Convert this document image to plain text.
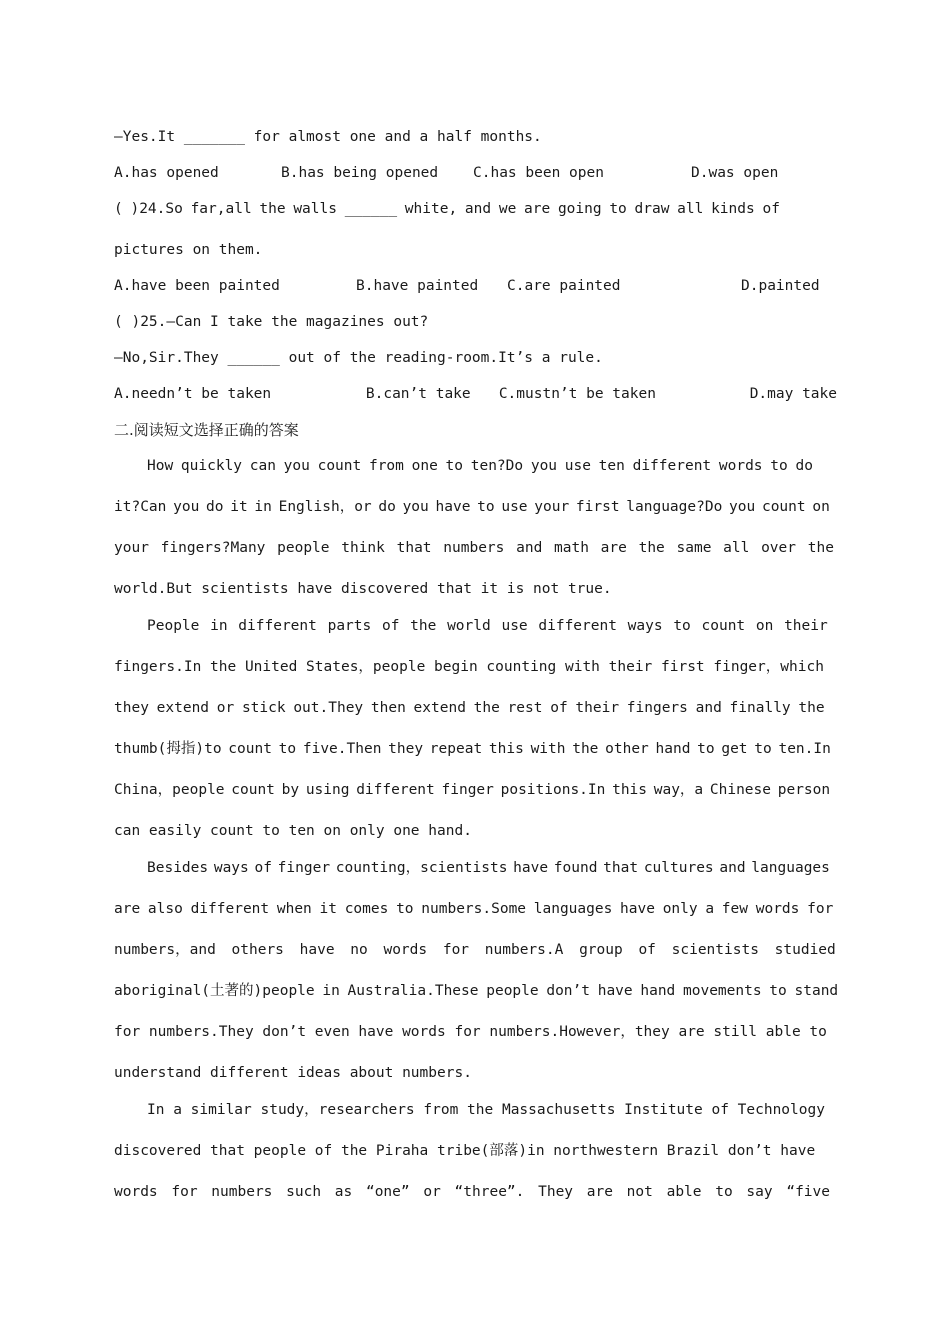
—Yes.It _______ for almost one and a half months.
A.has opened	B.has being opened	C.has been open	D.was open
( )24.So far,all the walls ______ white, and we are going to draw all kinds of
pictures on them.
A.have been painted	B.have painted	C.are painted	D.painted
( )25.—Can I take the magazines out?
—No,Sir.They ______ out of the reading-room.It’s a rule.
A.needn’t be taken	B.can’t take	C.mustn’t be taken	D.may take
二.阅读短文选择正确的答案
How quickly can you count from one to ten?Do you use ten different words to do
it?Can you do it in English，or do you have to use your first language?Do you count on
your fingers?Many people think that numbers and math are the same all over the
world.But scientists have discovered that it is not true.
People in different parts of the world use different ways to count on their
fingers.In the United States，people begin counting with their first finger，which
they extend or stick out.They then extend the rest of their fingers and finally the
thumb(拇指)to count to five.Then they repeat this with the other hand to get to ten.In
China，people count by using different finger positions.In this way，a Chinese person
can easily count to ten on only one hand.
Besides ways of finger counting，scientists have found that cultures and languages
are also different when it comes to numbers.Some languages have only a few words for
numbers，and others have no words for numbers.A group of scientists studied
aboriginal(土著的)people in Australia.These people don’t have hand movements to stand
for numbers.They don’t even have words for numbers.However，they are still able to
understand different ideas about numbers.
In a similar study，researchers from the Massachusetts Institute of Technology
discovered that people of the Piraha tribe(部落)in northwestern Brazil don’t have
words for numbers such as “one” or “three”. They are not able to say “five
